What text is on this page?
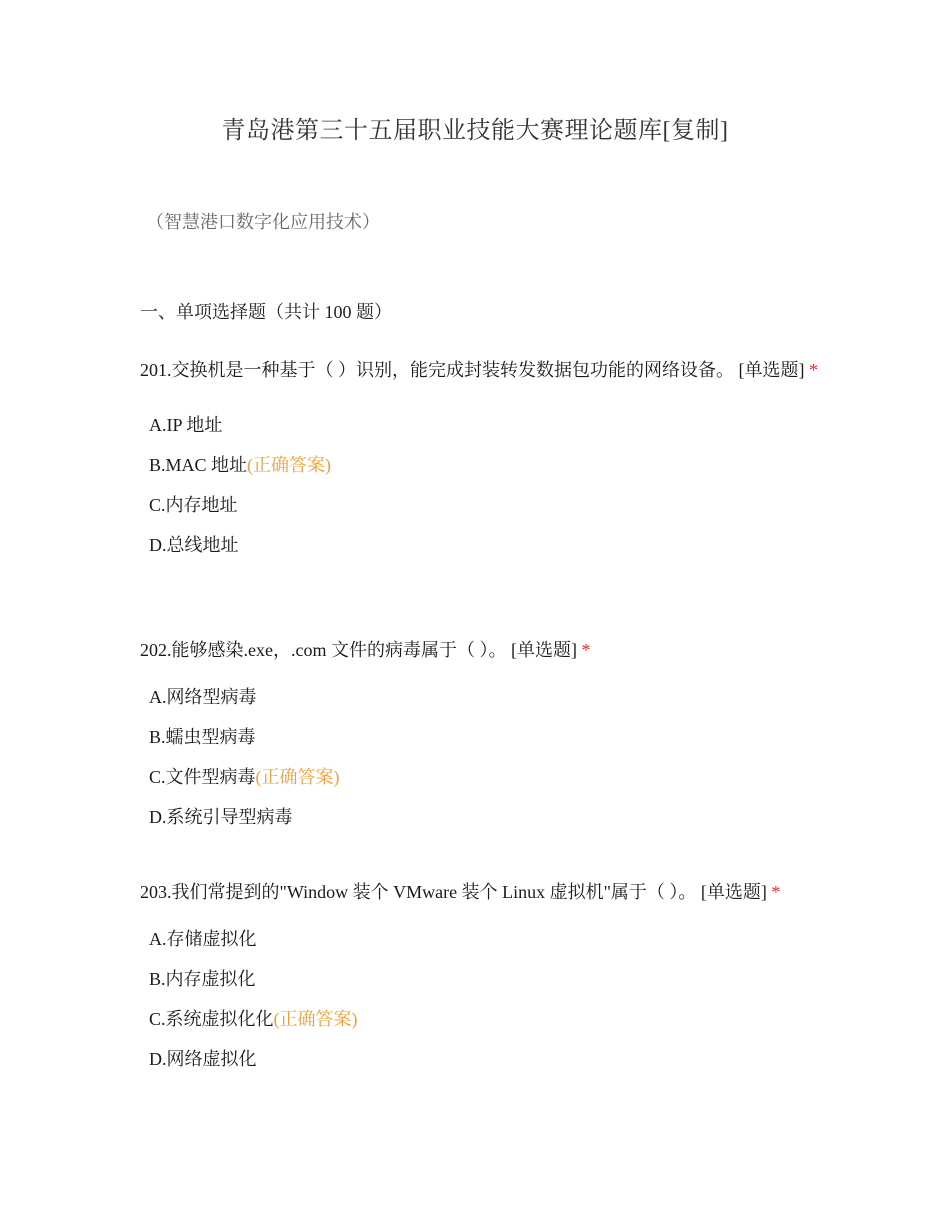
青岛港第三十五届职业技能大赛理论题库[复制]
（智慧港口数字化应用技术）
一、单项选择题（共计 100 题）
201.交换机是一种基于（ ）识别，能完成封装转发数据包功能的网络设备。 [单选题] *
A.IP 地址
B.MAC 地址(正确答案)
C.内存地址
D.总线地址
202.能够感染.exe，.com 文件的病毒属于（ ）。 [单选题] *
A.网络型病毒
B.蠕虫型病毒
C.文件型病毒(正确答案)
D.系统引导型病毒
203.我们常提到的"Window 装个 VMware 装个 Linux 虚拟机"属于（ ）。 [单选题] *
A.存储虚拟化
B.内存虚拟化
C.系统虚拟化化(正确答案)
D.网络虚拟化
